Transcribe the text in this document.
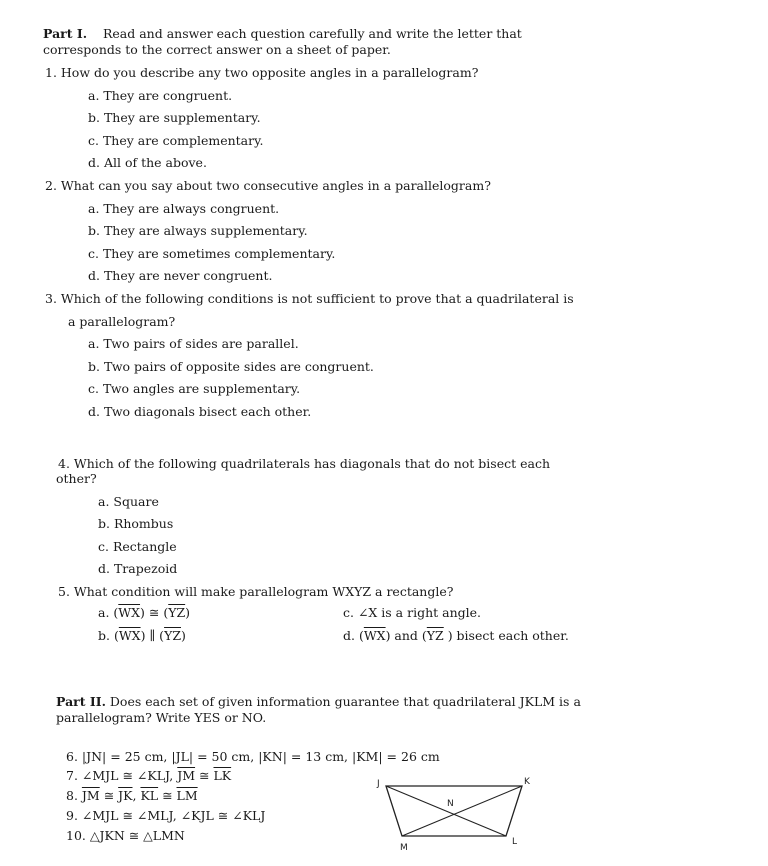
Part I. Read and answer each question carefully and write the letter that
corresponds to the correct answer on a sheet of paper.
1. How do you describe any two opposite angles in a parallelogram?
a. They are congruent.
b. They are supplementary.
c. They are complementary.
d. All of the above.
2. What can you say about two consecutive angles in a parallelogram?
a. They are always congruent.
b. They are always supplementary.
c. They are sometimes complementary.
d. They are never congruent.
3. Which of the following conditions is not sufficient to prove that a quadrilateral is
a parallelogram?
a. Two pairs of sides are parallel.
b. Two pairs of opposite sides are congruent.
c. Two angles are supplementary.
d. Two diagonals bisect each other.
4. Which of the following quadrilaterals has diagonals that do not bisect each
other?
a. Square
b. Rhombus
c. Rectangle
d. Trapezoid
5. What condition will make parallelogram WXYZ a rectangle?
a. $(\overline{WX})$ ≅ $(\overline{YZ})$	c. ∠X is a right angle.
b. $(\overline{WX})$ ∥ $(\overline{YZ})$	d. $(\overline{WX})$ and ($\overline{YZ}$ ) bisect each other.
Part II. Does each set of given information guarantee that quadrilateral JKLM is a
parallelogram? Write YES or NO.
6. |JN| = 25 cm, |JL| = 50 cm, |KN| = 13 cm, |KM| = 26 cm
7. ∠MJL ≅ ∠KLJ, $\overline{JM}$ ≅ $\overline{LK}$
8. $\overline{JM}$ ≅ $\overline{JK}$, $\overline{KL}$ ≅ $\overline{LM}$
9. ∠MJL ≅ ∠MLJ, ∠KJL ≅ ∠KLJ
10. △JKN ≅ △LMN
J	K
L
M
N
